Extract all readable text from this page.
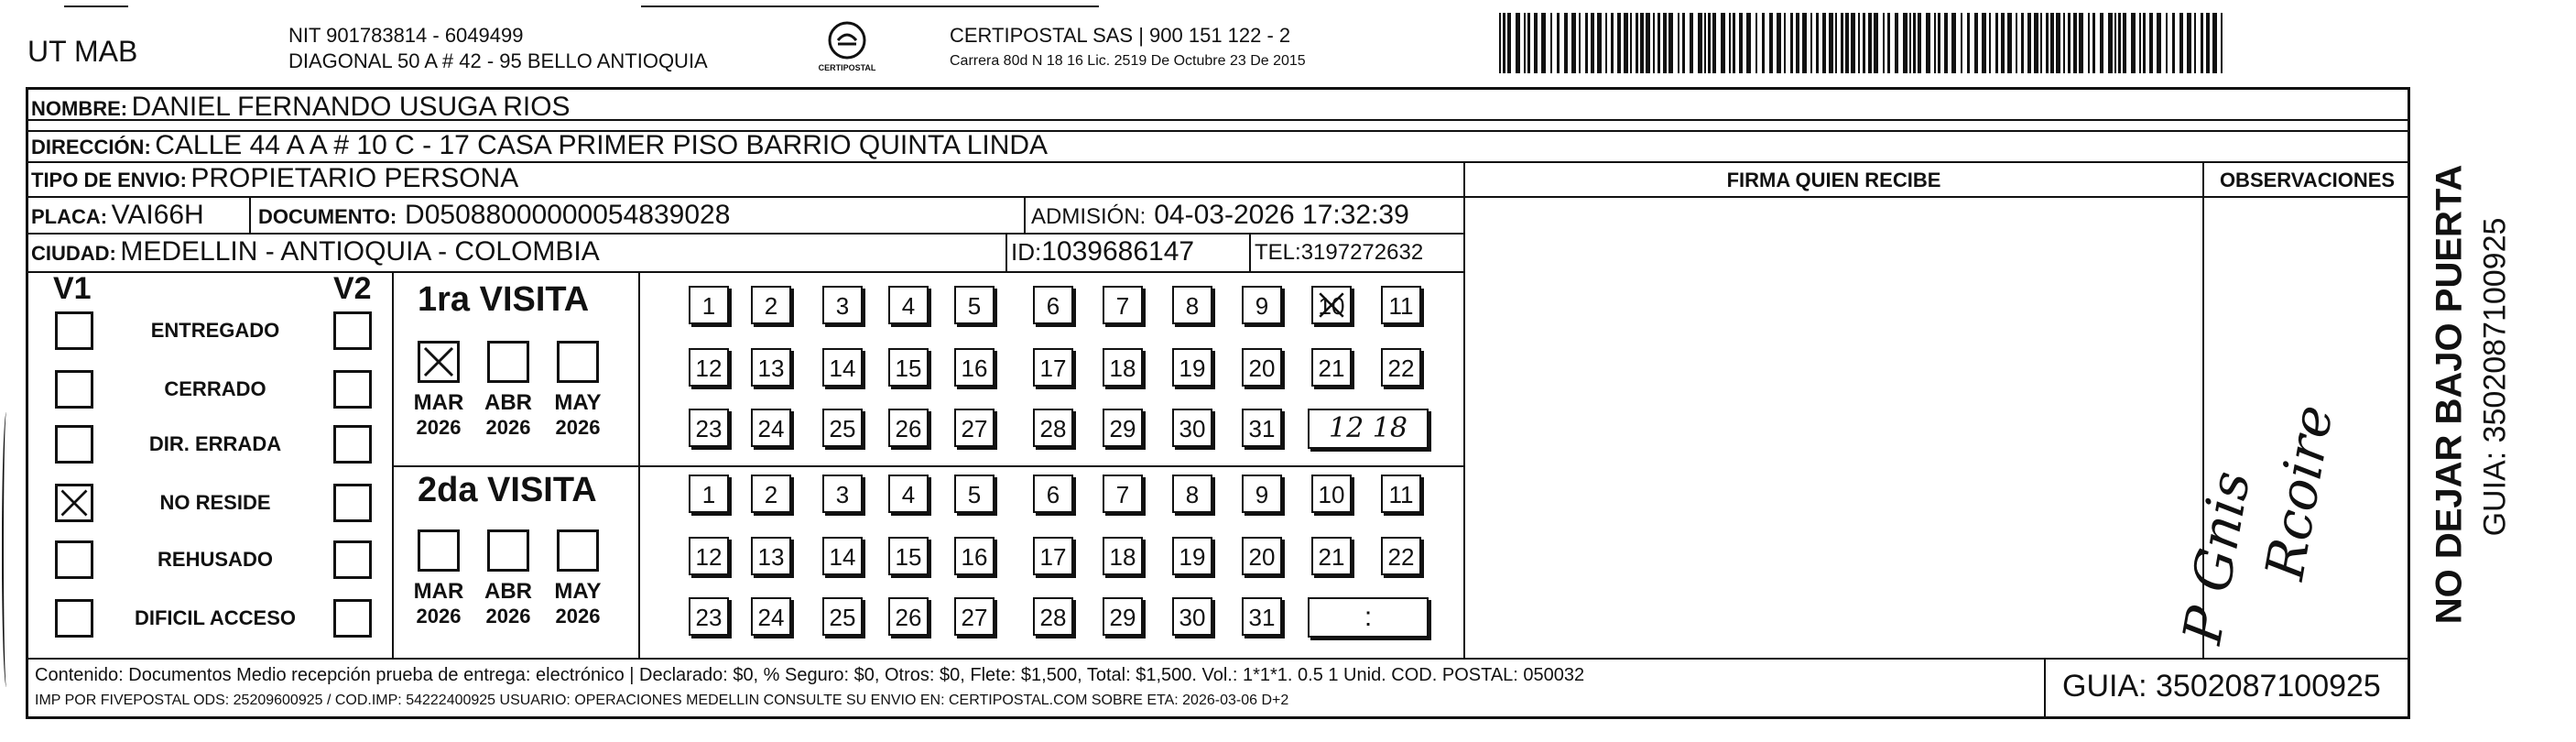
UT MAB	NIT 901783814 - 6049499
DIAGONAL 50 A # 42 - 95 BELLO ANTIOQUIA	CERTIPOSTAL
CERTIPOSTAL SAS | 900 151 122 - 2
Carrera 80d N 18 16 Lic. 2519 De Octubre 23 De 2015
NOMBRE: DANIEL FERNANDO USUGA RIOS
DIRECCIÓN: CALLE 44 A A # 10 C - 17 CASA PRIMER PISO BARRIO QUINTA LINDA
TIPO DE ENVIO: PROPIETARIO PERSONA	FIRMA QUIEN RECIBE	OBSERVACIONES
PLACA: VAI66H	DOCUMENTO: D05088000000054839028	ADMISIÓN: 04-03-2026 17:32:39
CIUDAD: MEDELLIN - ANTIOQUIA - COLOMBIA	ID:1039686147	TEL:3197272632
V1	V2
ENTREGADO
CERRADO
DIR. ERRADA
NO RESIDE
REHUSADO
DIFICIL ACCESO
1ra VISITA
MAR
2026
ABR
2026
MAY
2026
1	2	3	4	5	6	7	8	9	10	11
12 13 14 15 16 17 18 19 20 21 22
23 24 25 26 27 28 29 30 31	12 18
2da VISITA
MAR
2026
ABR
2026
MAY
2026
1	2	3	4	5	6	7	8	9	10	11
12 13 14 15 16 17 18 19 20 21 22
23 24 25 26 27 28 29 30 31	:	P Gnis
Rcoire
Contenido: Documentos Medio recepción prueba de entrega: electrónico | Declarado: $0, % Seguro: $0, Otros: $0, Flete: $1,500, Total: $1,500. Vol.: 1*1*1. 0.5 1 Unid. COD. POSTAL: 050032
IMP POR FIVEPOSTAL ODS: 25209600925 / COD.IMP: 54222400925 USUARIO: OPERACIONES MEDELLIN CONSULTE SU ENVIO EN: CERTIPOSTAL.COM SOBRE ETA: 2026-03-06 D+2	GUIA: 3502087100925
NO DEJAR BAJO PUERTA GUIA: 3502087100925
